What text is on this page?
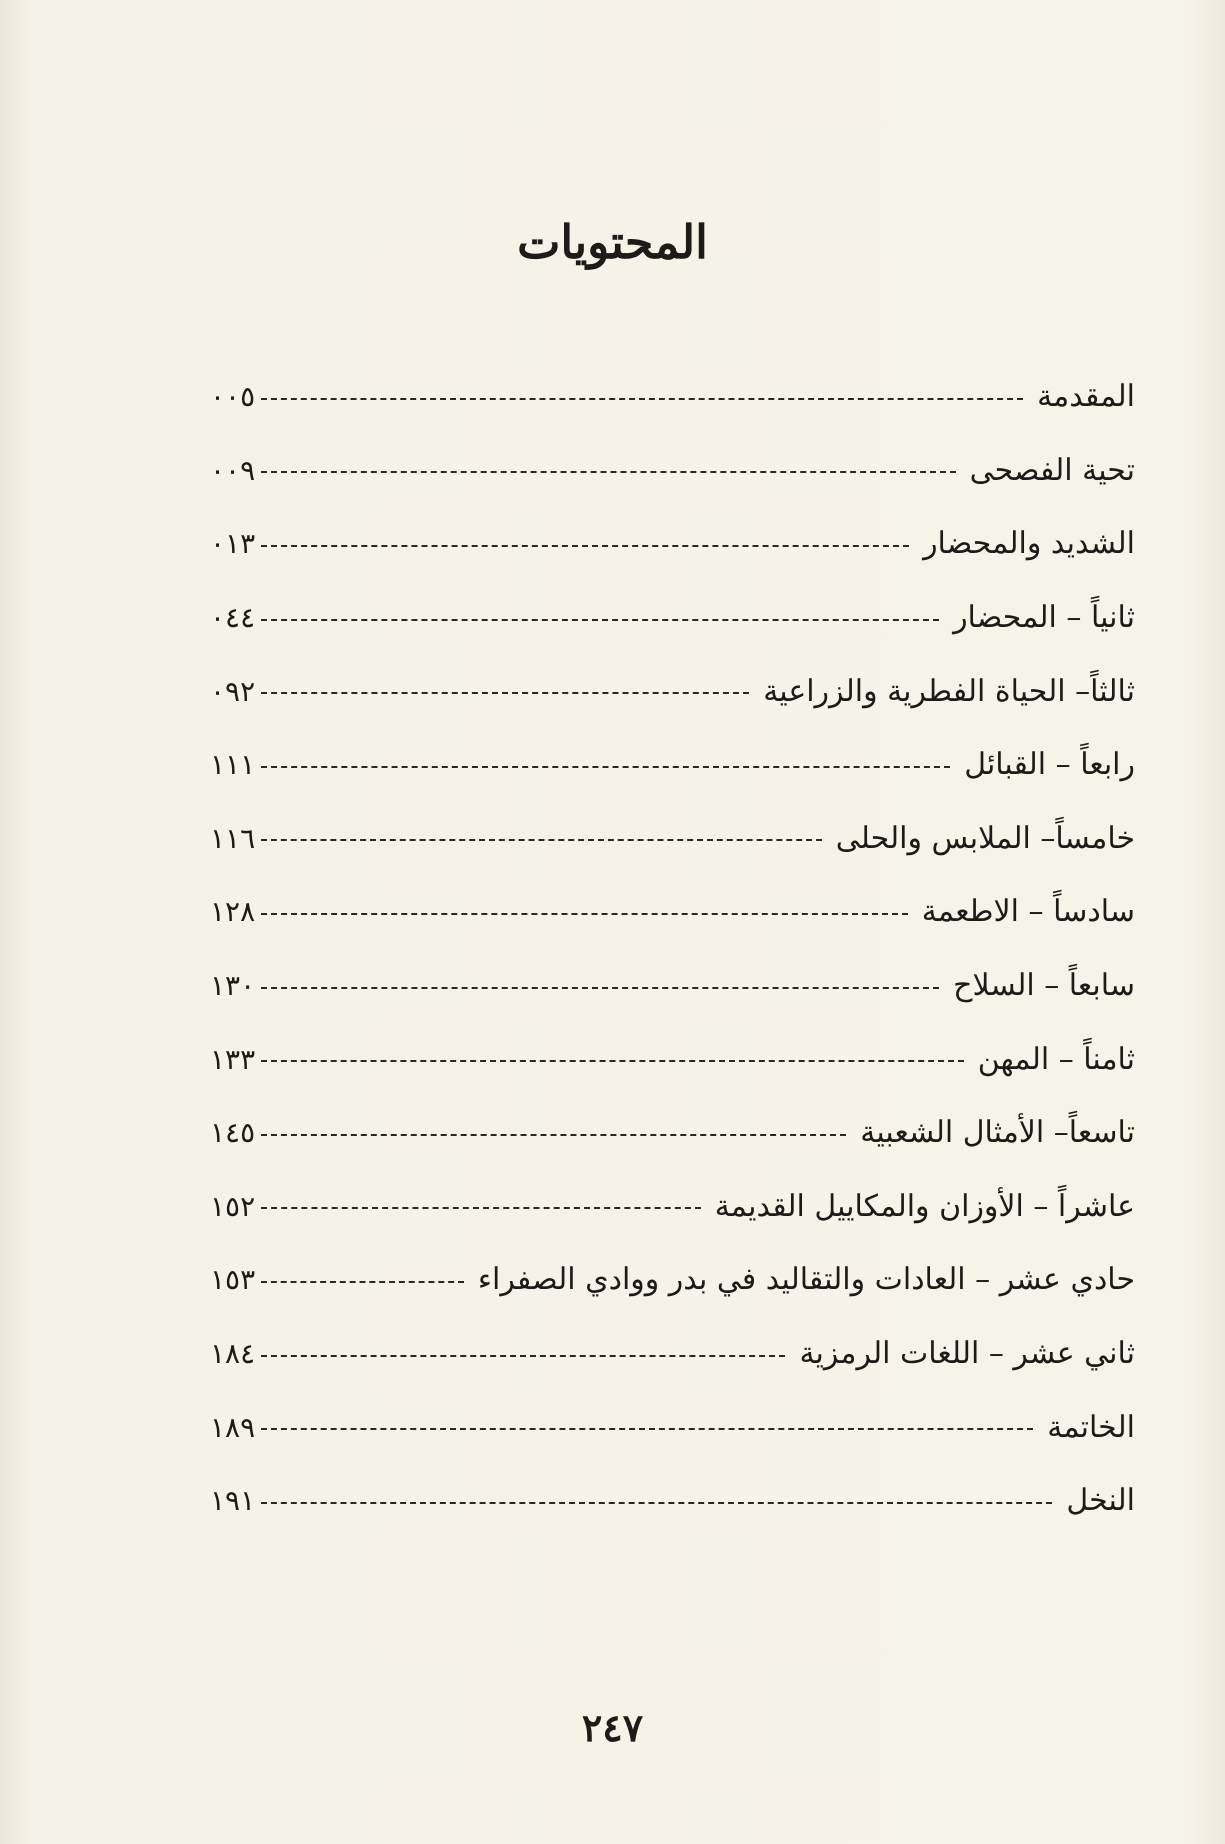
المحتويات
المقدمة
٠٠٥
تحية الفصحى
٠٠٩
الشديد والمحضار
٠١٣
ثانياً – المحضار
٠٤٤
ثالثاً– الحياة الفطرية والزراعية
٠٩٢
رابعاً – القبائل
١١١
خامساً– الملابس والحلى
١١٦
سادساً – الاطعمة
١٢٨
سابعاً – السلاح
١٣٠
ثامناً – المهن
١٣٣
تاسعاً– الأمثال الشعبية
١٤٥
عاشراً – الأوزان والمكاييل القديمة
١٥٢
حادي عشر – العادات والتقاليد في بدر ووادي الصفراء
١٥٣
ثاني عشر – اللغات الرمزية
١٨٤
الخاتمة
١٨٩
النخل
١٩١
٢٤٧
